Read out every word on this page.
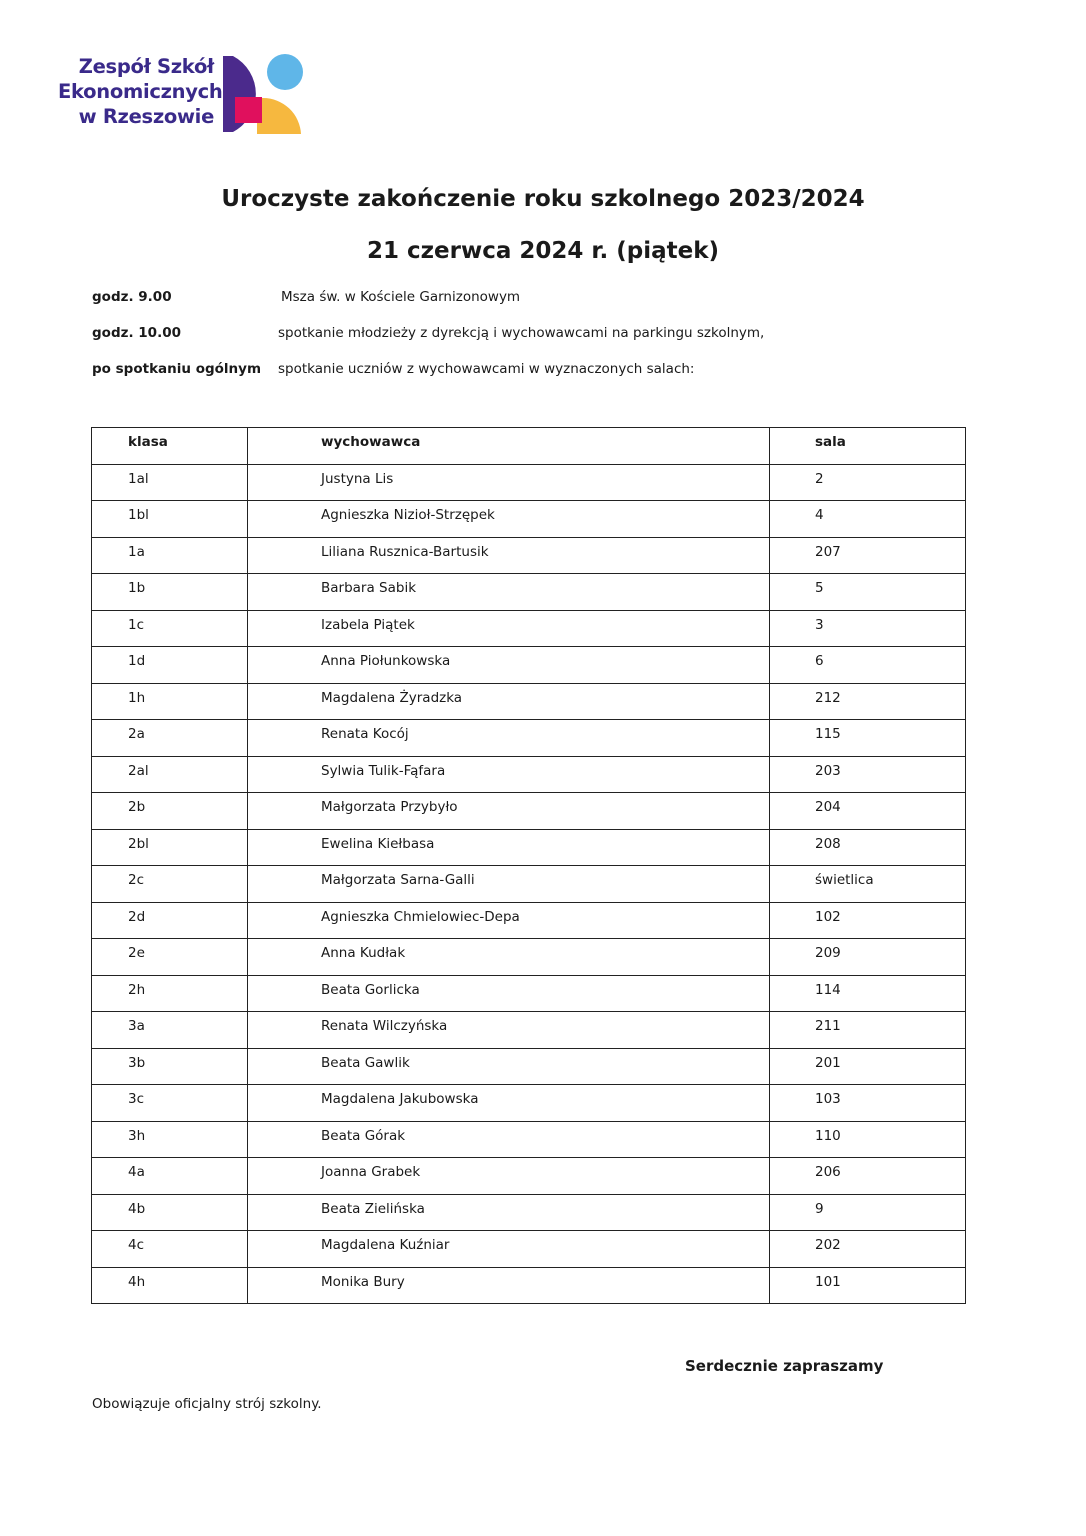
Zespół Szkół
Ekonomicznych
w Rzeszowie
Uroczyste zakończenie roku szkolnego 2023/2024
21 czerwca 2024 r. (piątek)
godz. 9.00	Msza św. w Kościele Garnizonowym
godz. 10.00	spotkanie młodzieży z dyrekcją i wychowawcami na parkingu szkolnym,
po spotkaniu ogólnym spotkanie uczniów z wychowawcami w wyznaczonych salach:
klasa	wychowawca	sala

1al	Justyna Lis	2

1bl	Agnieszka Nizioł-Strzępek	4

1a	Liliana Rusznica-Bartusik	207

1b	Barbara Sabik	5

1c	Izabela Piątek	3

1d	Anna Piołunkowska	6

1h	Magdalena Żyradzka	212

2a	Renata Kocój	115

2al	Sylwia Tulik-Fąfara	203

2b	Małgorzata Przybyło	204

2bl	Ewelina Kiełbasa	208

2c	Małgorzata Sarna-Galli	świetlica

2d	Agnieszka Chmielowiec-Depa	102

2e	Anna Kudłak	209

2h	Beata Gorlicka	114

3a	Renata Wilczyńska	211

3b	Beata Gawlik	201

3c	Magdalena Jakubowska	103

3h	Beata Górak	110

4a	Joanna Grabek	206

4b	Beata Zielińska	9

4c	Magdalena Kuźniar	202

4h	Monika Bury	101
Serdecznie zapraszamy
Obowiązuje oficjalny strój szkolny.
